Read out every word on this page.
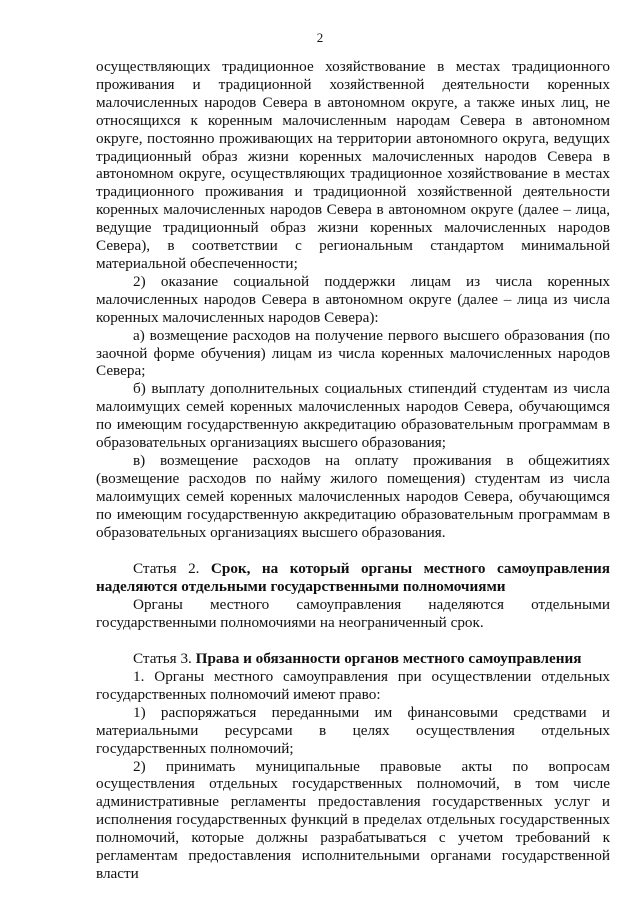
2

осуществляющих традиционное хозяйствование в местах традиционного проживания и традиционной хозяйственной деятельности коренных малочисленных народов Севера в автономном округе, а также иных лиц, не относящихся к коренным малочисленным народам Севера в автономном округе, постоянно проживающих на территории автономного округа, ведущих традиционный образ жизни коренных малочисленных народов Севера в автономном округе, осуществляющих традиционное хозяйствование в местах традиционного проживания и традиционной хозяйственной деятельности коренных малочисленных народов Севера в автономном округе (далее – лица, ведущие традиционный образ жизни коренных малочисленных народов Севера), в соответствии с региональным стандартом минимальной материальной обеспеченности;

2) оказание социальной поддержки лицам из числа коренных малочисленных народов Севера в автономном округе (далее – лица из числа коренных малочисленных народов Севера):

а) возмещение расходов на получение первого высшего образования (по заочной форме обучения) лицам из числа коренных малочисленных народов Севера;

б) выплату дополнительных социальных стипендий студентам из числа малоимущих семей коренных малочисленных народов Севера, обучающимся по имеющим государственную аккредитацию образовательным программам в образовательных организациях высшего образования;

в) возмещение расходов на оплату проживания в общежитиях (возмещение расходов по найму жилого помещения) студентам из числа малоимущих семей коренных малочисленных народов Севера, обучающимся по имеющим государственную аккредитацию образовательным программам в образовательных организациях высшего образования.

Статья 2. Срок, на который органы местного самоуправления наделяются отдельными государственными полномочиями

Органы местного самоуправления наделяются отдельными государственными полномочиями на неограниченный срок.

Статья 3. Права и обязанности органов местного самоуправления

1. Органы местного самоуправления при осуществлении отдельных государственных полномочий имеют право:

1) распоряжаться переданными им финансовыми средствами и материальными ресурсами в целях осуществления отдельных государственных полномочий;

2) принимать муниципальные правовые акты по вопросам осуществления отдельных государственных полномочий, в том числе административные регламенты предоставления государственных услуг и исполнения государственных функций в пределах отдельных государственных полномочий, которые должны разрабатываться с учетом требований к регламентам предоставления исполнительными органами государственной власти
